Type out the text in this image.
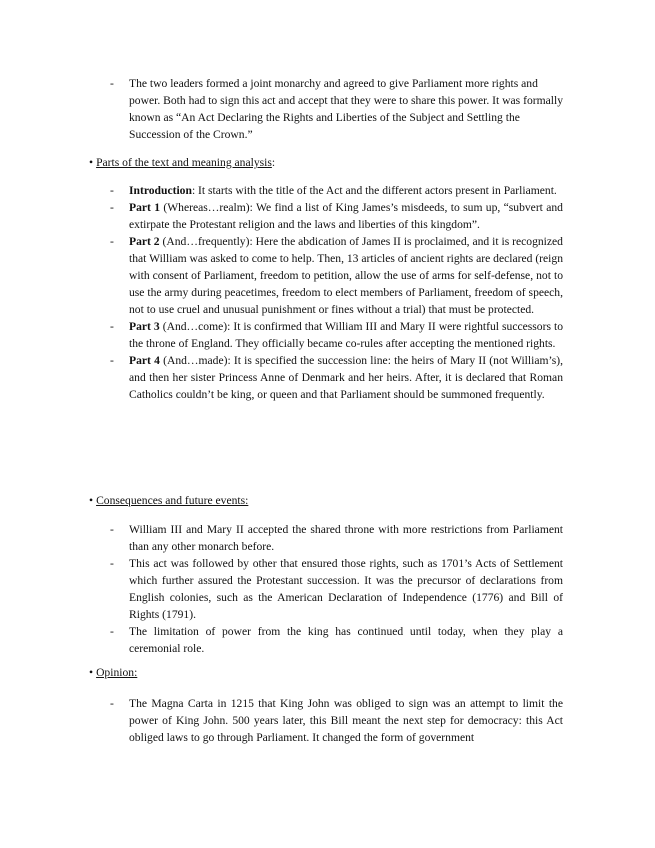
- The two leaders formed a joint monarchy and agreed to give Parliament more rights and power. Both had to sign this act and accept that they were to share this power. It was formally known as “An Act Declaring the Rights and Liberties of the Subject and Settling the Succession of the Crown.”

• Parts of the text and meaning analysis:

- Introduction: It starts with the title of the Act and the different actors present in Parliament.

- Part 1 (Whereas…realm): We find a list of King James’s misdeeds, to sum up, “subvert and extirpate the Protestant religion and the laws and liberties of this kingdom”.

- Part 2 (And…frequently): Here the abdication of James II is proclaimed, and it is recognized that William was asked to come to help. Then, 13 articles of ancient rights are declared (reign with consent of Parliament, freedom to petition, allow the use of arms for self-defense, not to use the army during peacetimes, freedom to elect members of Parliament, freedom of speech, not to use cruel and unusual punishment or fines without a trial) that must be protected.

- Part 3 (And…come): It is confirmed that William III and Mary II were rightful successors to the throne of England. They officially became co-rules after accepting the mentioned rights.

- Part 4 (And…made): It is specified the succession line: the heirs of Mary II (not William’s), and then her sister Princess Anne of Denmark and her heirs. After, it is declared that Roman Catholics couldn’t be king, or queen and that Parliament should be summoned frequently.

• Consequences and future events:

- William III and Mary II accepted the shared throne with more restrictions from Parliament than any other monarch before.

- This act was followed by other that ensured those rights, such as 1701’s Acts of Settlement which further assured the Protestant succession. It was the precursor of declarations from English colonies, such as the American Declaration of Independence (1776) and Bill of Rights (1791).

- The limitation of power from the king has continued until today, when they play a ceremonial role.

• Opinion:

- The Magna Carta in 1215 that King John was obliged to sign was an attempt to limit the power of King John. 500 years later, this Bill meant the next step for democracy: this Act obliged laws to go through Parliament. It changed the form of government
